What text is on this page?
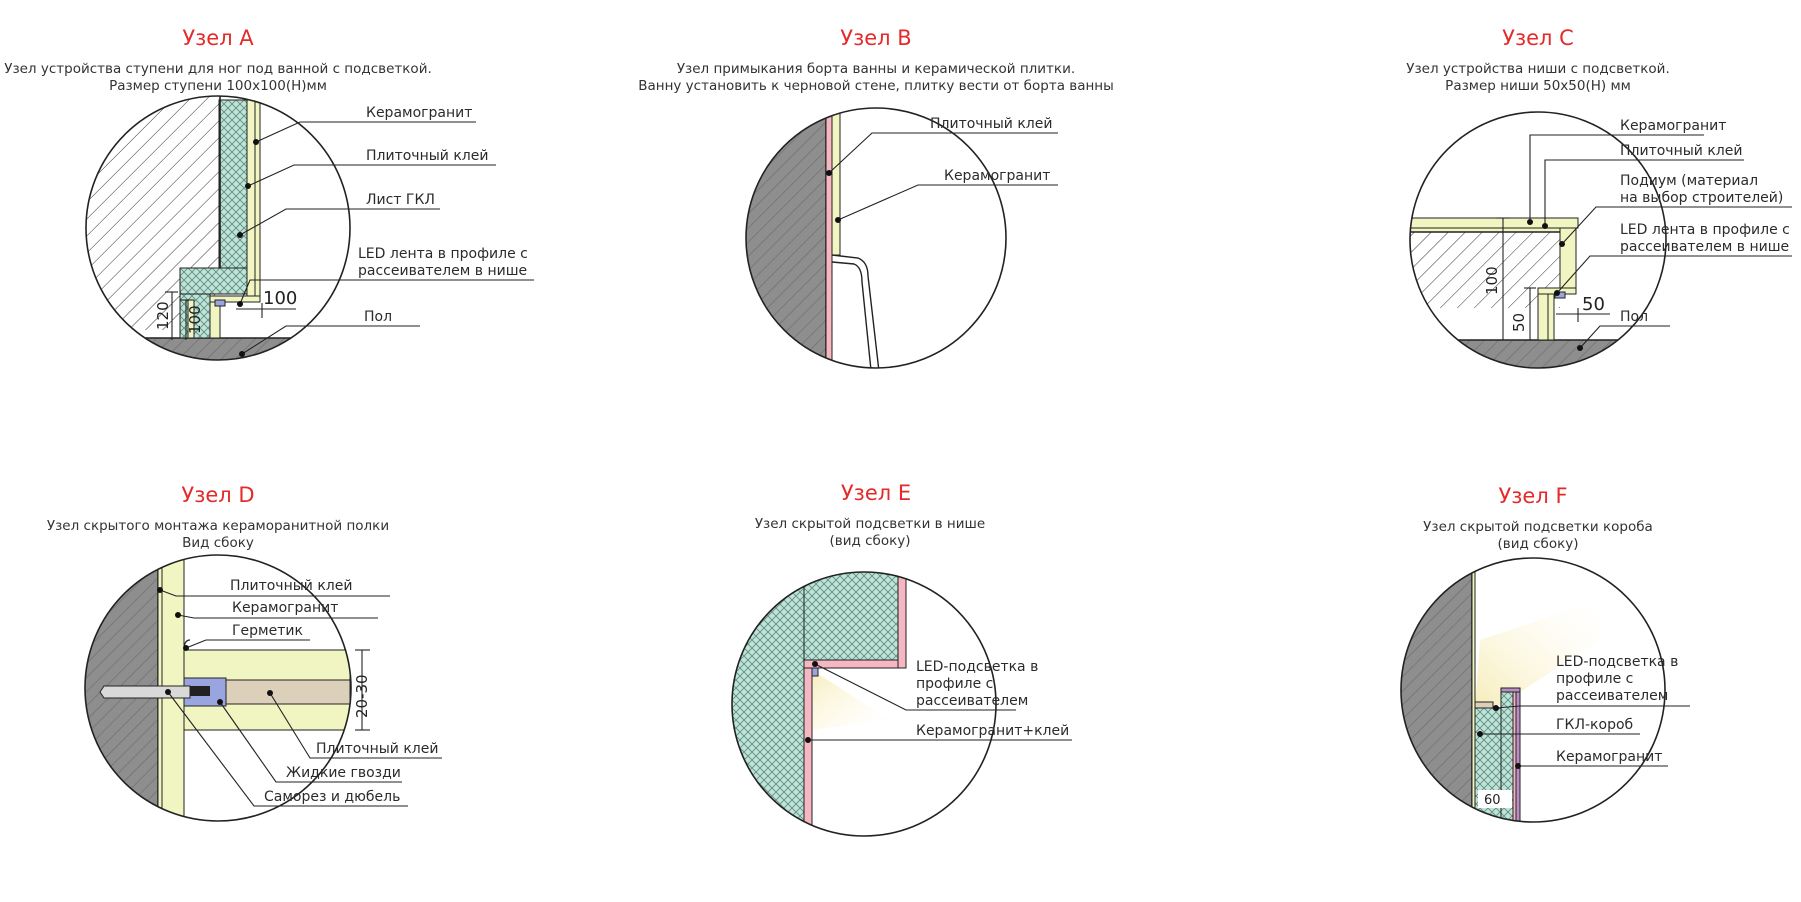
Узел A
Узел устройства ступени для ног под ванной с подсветкой.
Размер ступени 100x100(H)мм
120 100
100
Керамогранит
Плиточный клей
Лист ГКЛ
LED лента в профиле с
рассеивателем в нише
Пол
Узел B
Узел примыкания борта ванны и керамической плитки.
Ванну установить к черновой стене, плитку вести от борта ванны
Плиточный клей
Керамогранит
Узел C
Узел устройства ниши с подсветкой.
Размер ниши 50x50(H) мм
100
50
50
Керамогранит
Плиточный клей
Подиум (материал
на выбор строителей)
LED лента в профиле с
рассеивателем в нише
Пол
Узел D
Узел скрытого монтажа кераморанитной полки
Вид сбоку
20-30
Плиточный клей
Керамогранит
Герметик
Плиточный клей
Жидкие гвозди
Саморез и дюбель
Узел E
Узел скрытой подсветки в нише
(вид сбоку)
LED-подсветка в
профиле с
рассеивателем
Керамогранит+клей
Узел F
Узел скрытой подсветки короба
(вид сбоку)
60
LED-подсветка в
профиле с
рассеивателем
ГКЛ-короб
Керамогранит
